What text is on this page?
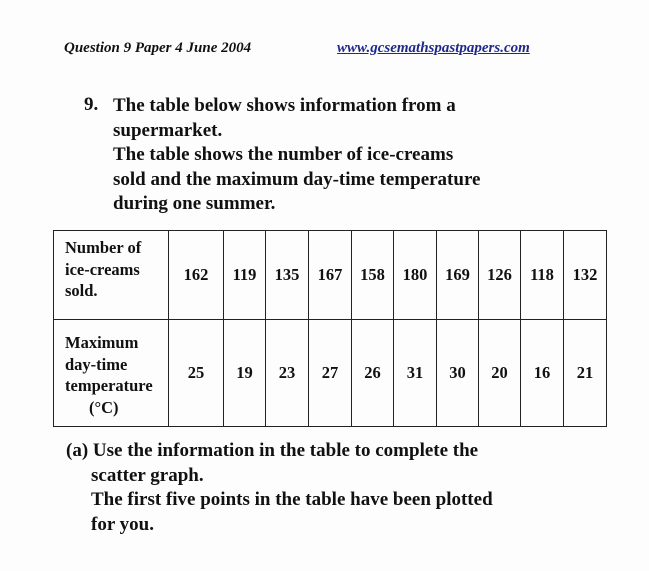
Question 9 Paper 4 June 2004	www.gcsemathspastpapers.com
9. The table below shows information from a
supermarket.
The table shows the number of ice-creams
sold and the maximum day-time temperature
during one summer.
Number of
ice-creams
sold.	162	119	135	167	158	180	169	126	118	132

Maximum
day-time
temperature
(°C)	25	19	23	27	26	31	30	20	16	21
(a) Use the information in the table to complete the
scatter graph.
The first five points in the table have been plotted
for you.
